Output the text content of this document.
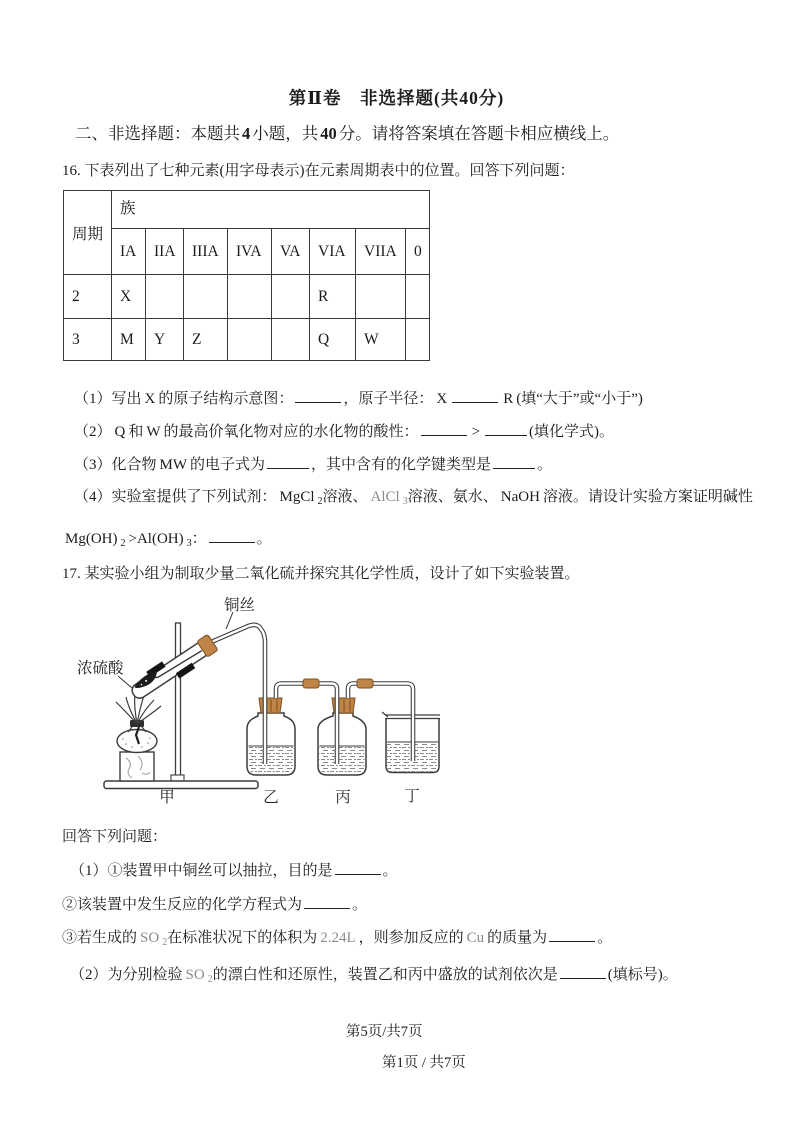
第Ⅱ卷　非选择题(共40分)
二、非选择题：本题共 4 小题，共 40 分。请将答案填在答题卡相应横线上。
16. 下表列出了七种元素(用字母表示)在元素周期表中的位置。回答下列问题：
周期	族							
	IA	IIA	IIIA	IVA	VA	VIA	VIIA	0
2	X					R		
3	M	Y	Z			Q	W	
（1）写出 X 的原子结构示意图：	，原子半径： X	R (填“大于”或“小于”)
（2） Q 和 W 的最高价氧化物对应的水化物的酸性：	>	(填化学式)。
（3）化合物 MW 的电子式为	，其中含有的化学键类型是	。
（4）实验室提供了下列试剂： MgCl $_2$溶液、 AlCl $_3$溶液、氨水、 NaOH 溶液。请设计实验方案证明碱性
Mg(OH) $_2$ >Al(OH) $_3$：	。
17. 某实验小组为制取少量二氧化硫并探究其化学性质，设计了如下实验装置。
铜丝
浓硫酸
甲	乙	丙	丁
回答下列问题：
（1）①装置甲中铜丝可以抽拉，目的是	。
②该装置中发生反应的化学方程式为	。
③若生成的 SO $_2$在标准状况下的体积为 2.24L ，则参加反应的 Cu 的质量为	。
（2）为分别检验 SO $_2$的漂白性和还原性，装置乙和丙中盛放的试剂依次是	(填标号)。
第5页/共7页
第1页 / 共7页
